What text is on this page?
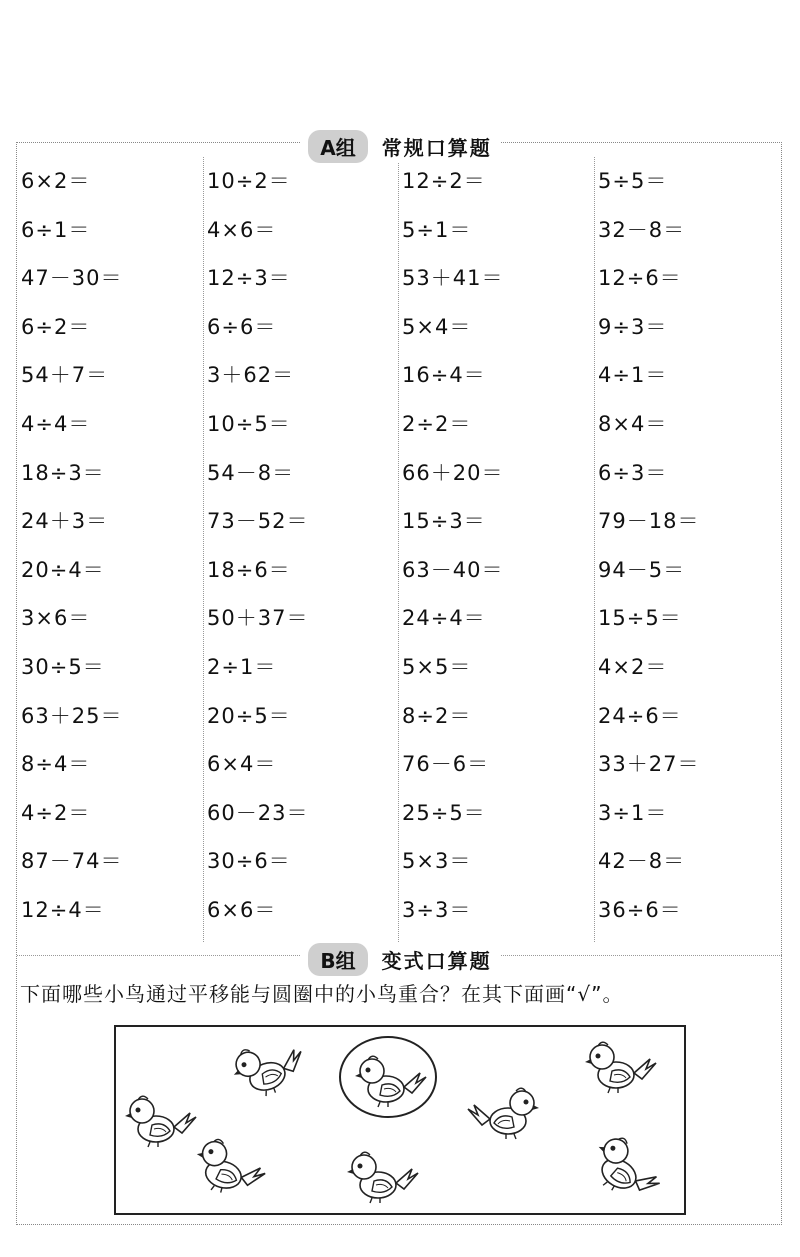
A组	常规口算题
6×2＝
6÷1＝
47－30＝
6÷2＝
54＋7＝
4÷4＝
18÷3＝
24＋3＝
20÷4＝
3×6＝
30÷5＝
63＋25＝
8÷4＝
4÷2＝
87－74＝
12÷4＝
10÷2＝
4×6＝
12÷3＝
6÷6＝
3＋62＝
10÷5＝
54－8＝
73－52＝
18÷6＝
50＋37＝
2÷1＝
20÷5＝
6×4＝
60－23＝
30÷6＝
6×6＝
12÷2＝
5÷1＝
53＋41＝
5×4＝
16÷4＝
2÷2＝
66＋20＝
15÷3＝
63－40＝
24÷4＝
5×5＝
8÷2＝
76－6＝
25÷5＝
5×3＝
3÷3＝
5÷5＝
32－8＝
12÷6＝
9÷3＝
4÷1＝
8×4＝
6÷3＝
79－18＝
94－5＝
15÷5＝
4×2＝
24÷6＝
33＋27＝
3÷1＝
42－8＝
36÷6＝
B组	变式口算题
下面哪些小鸟通过平移能与圆圈中的小鸟重合？在其下面画“√”。
